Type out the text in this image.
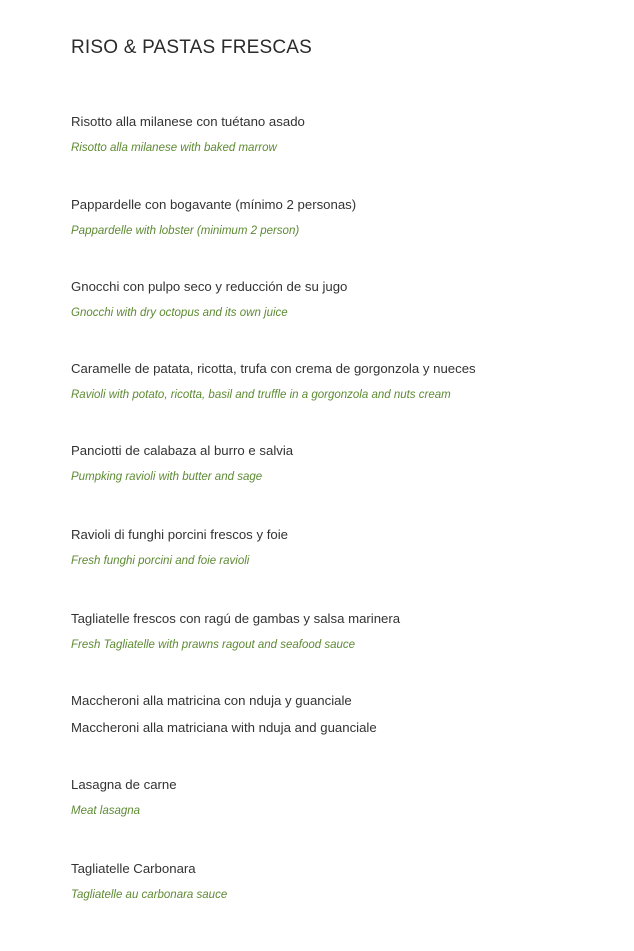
RISO & PASTAS FRESCAS
Risotto alla milanese con tuétano asado
Risotto alla milanese with baked marrow
Pappardelle con bogavante (mínimo 2 personas)
Pappardelle with lobster (minimum 2 person)
Gnocchi con pulpo seco y reducción de su jugo
Gnocchi with dry octopus and its own juice
Caramelle de patata, ricotta, trufa con crema de gorgonzola y nueces
Ravioli with potato, ricotta, basil and truffle in a gorgonzola and nuts cream
Panciotti de calabaza al burro e salvia
Pumpking ravioli with butter and sage
Ravioli di funghi porcini frescos y foie
Fresh funghi porcini and foie ravioli
Tagliatelle frescos con ragú de gambas y salsa marinera
Fresh Tagliatelle with prawns ragout and seafood sauce
Maccheroni alla matricina con nduja y guanciale
Maccheroni alla matriciana with nduja and guanciale
Lasagna de carne
Meat lasagna
Tagliatelle Carbonara
Tagliatelle au carbonara sauce
